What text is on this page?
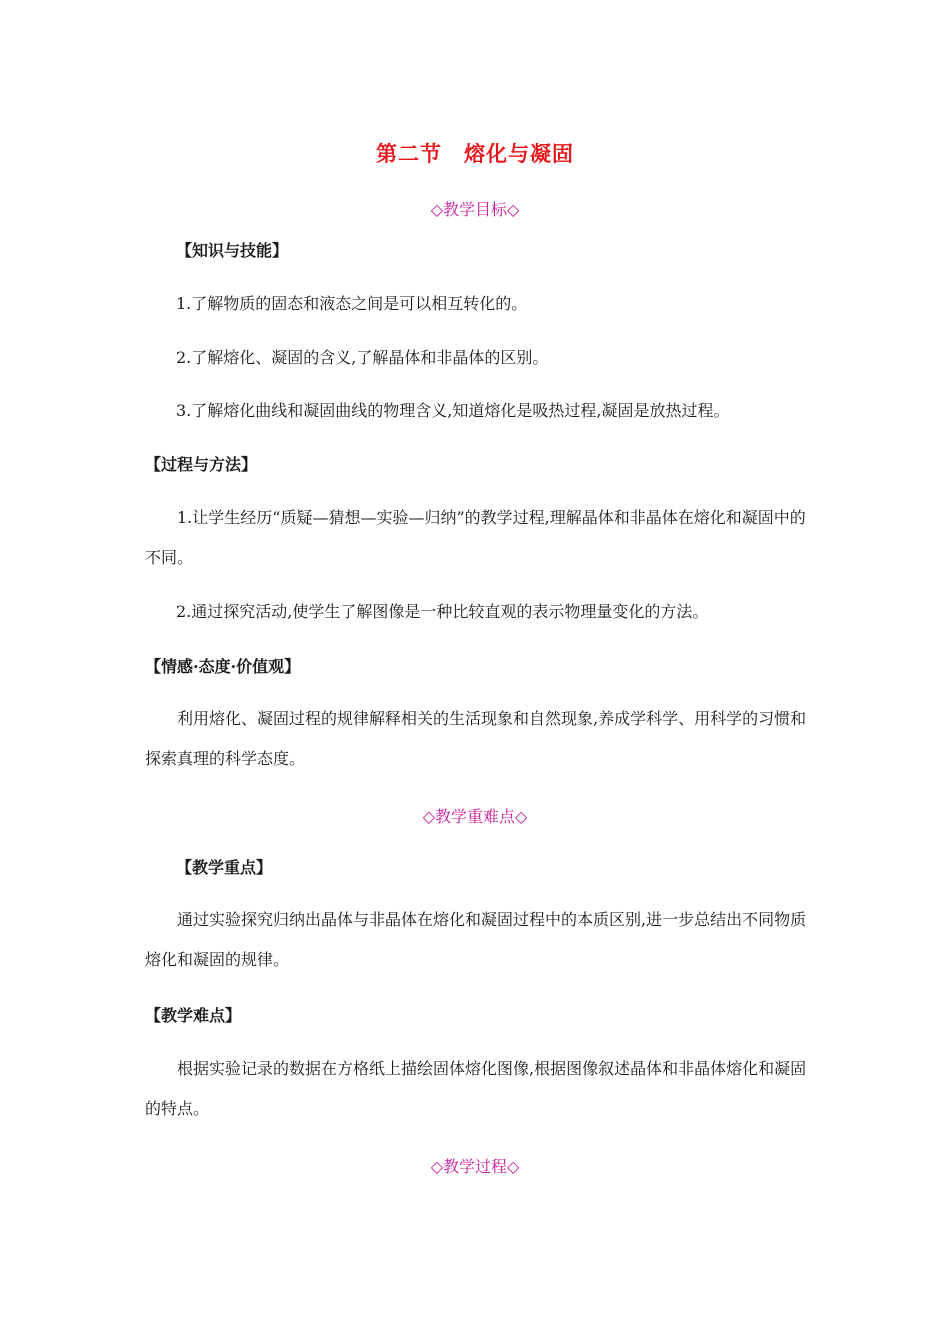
第二节　熔化与凝固
◇教学目标◇
【知识与技能】
1.了解物质的固态和液态之间是可以相互转化的。
2.了解熔化、凝固的含义,了解晶体和非晶体的区别。
3.了解熔化曲线和凝固曲线的物理含义,知道熔化是吸热过程,凝固是放热过程。
【过程与方法】
1.让学生经历“质疑—猜想—实验—归纳”的教学过程,理解晶体和非晶体在熔化和凝固中的不同。
2.通过探究活动,使学生了解图像是一种比较直观的表示物理量变化的方法。
【情感·态度·价值观】
利用熔化、凝固过程的规律解释相关的生活现象和自然现象,养成学科学、用科学的习惯和探索真理的科学态度。
◇教学重难点◇
【教学重点】
通过实验探究归纳出晶体与非晶体在熔化和凝固过程中的本质区别,进一步总结出不同物质熔化和凝固的规律。
【教学难点】
根据实验记录的数据在方格纸上描绘固体熔化图像,根据图像叙述晶体和非晶体熔化和凝固的特点。
◇教学过程◇
